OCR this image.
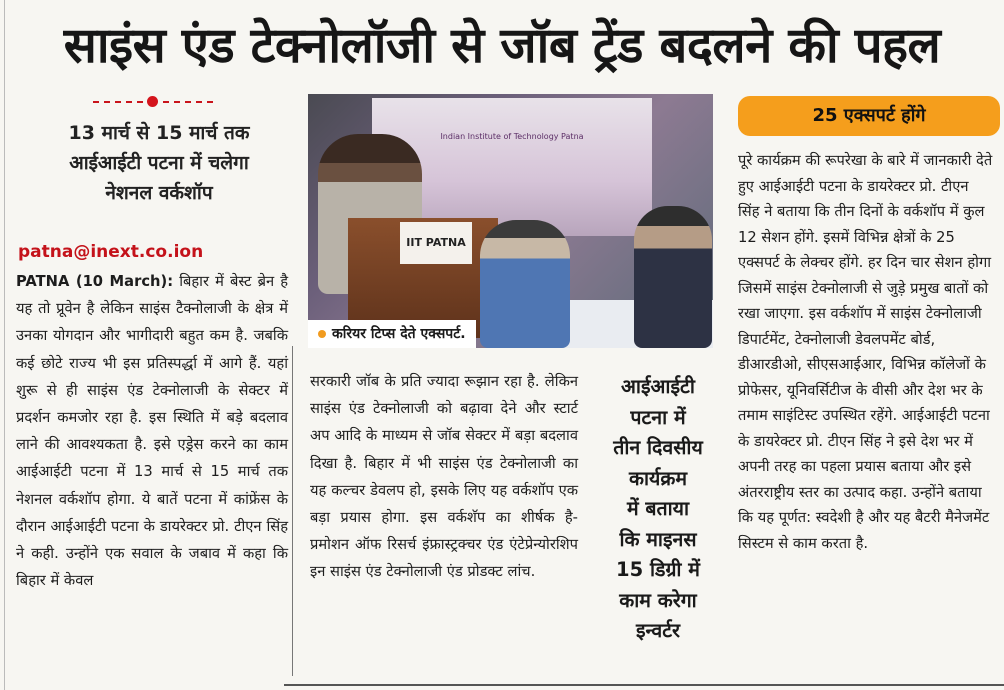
साइंस एंड टेक्नोलॉजी से जॉब ट्रेंड बदलने की पहल
13 मार्च से 15 मार्च तक
आईआईटी पटना में चलेगा
नेशनल वर्कशॉप
patna@inext.co.ion
PATNA (10 March): बिहार में बेस्ट ब्रेन है यह तो प्रूवेन है लेकिन साइंस टैक्नोलाजी के क्षेत्र में उनका योगदान और भागीदारी बहुत कम है. जबकि कई छोटे राज्य भी इस प्रतिस्पर्द्धा में आगे हैं. यहां शुरू से ही साइंस एंड टेक्नोलाजी के सेक्टर में प्रदर्शन कमजोर रहा है. इस स्थिति में बड़े बदलाव लाने की आवश्यकता है. इसे एड्रेस करने का काम आईआईटी पटना में 13 मार्च से 15 मार्च तक नेशनल वर्कशॉप होगा. ये बातें पटना में कांफ्रेंस के दौरान आईआईटी पटना के डायरेक्टर प्रो. टीएन सिंह ने कही. उन्होंने एक सवाल के जबाव में कहा कि बिहार में केवल
Indian Institute of Technology Patna
IIT PATNA
करियर टिप्स देते एक्सपर्ट.
सरकारी जॉब के प्रति ज्यादा रूझान रहा है. लेकिन साइंस एंड टेक्नोलाजी को बढ़ावा देने और स्टार्ट अप आदि के माध्यम से जॉब सेक्टर में बड़ा बदलाव दिखा है. बिहार में भी साइंस एंड टेक्नोलाजी का यह कल्चर डेवलप हो, इसके लिए यह वर्कशॉप एक बड़ा प्रयास होगा. इस वर्कशॅप का शीर्षक है- प्रमोशन ऑफ रिसर्च इंफ्रास्ट्रक्चर एंड एंटेप्रेन्योरशिप इन साइंस एंड टेक्नोलाजी एंड प्रोडक्ट लांच.
आईआईटी
पटना में
तीन दिवसीय
कार्यक्रम
में बताया
कि माइनस
15 डिग्री में
काम करेगा
इन्वर्टर
25 एक्सपर्ट होंगे
पूरे कार्यक्रम की रूपरेखा के बारे में जानकारी देते हुए आईआईटी पटना के डायरेक्टर प्रो. टीएन सिंह ने बताया कि तीन दिनों के वर्कशॉप में कुल 12 सेशन होंगे. इसमें विभिन्न क्षेत्रों के 25 एक्सपर्ट के लेक्चर होंगे. हर दिन चार सेशन होगा जिसमें साइंस टेक्नोलाजी से जुड़े प्रमुख बातों को रखा जाएगा. इस वर्कशॉप में साइंस टेक्नोलाजी डिपार्टमेंट, टेक्नोलाजी डेवलपमेंट बोर्ड, डीआरडीओ, सीएसआईआर, विभिन्न कॉलेजों के प्रोफेसर, यूनिवर्सिटीज के वीसी और देश भर के तमाम साइंटिस्ट उपस्थित रहेंगे. आईआईटी पटना के डायरेक्टर प्रो. टीएन सिंह ने इसे देश भर में अपनी तरह का पहला प्रयास बताया और इसे अंतरराष्ट्रीय स्तर का उत्पाद कहा. उन्होंने बताया कि यह पूर्णत: स्वदेशी है और यह बैटरी मैनेजमेंट सिस्टम से काम करता है.
